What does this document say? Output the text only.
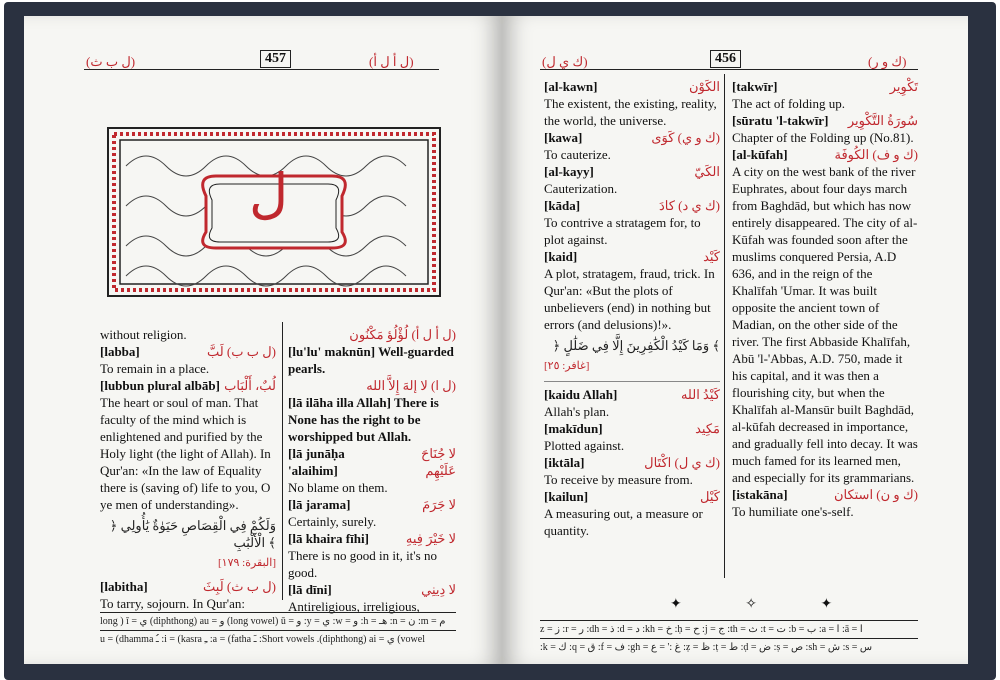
(ل ب ث)	457	(ل أ ل أ)
ل

without religion.

[labba]	(ل ب ب) لَبَّ

To remain in a place.

[lubbun plural albāb] لُبٌ، أَلْبَاب

The heart or soul of man. That faculty of the mind which is enlightened and purified by the Holy light (the light of Allah). In Qur'an: «In the law of Equality there is (saving of) life to you, O ye men of understanding».

﴿ وَلَكُمْ فِي الْقِصَاصِ حَيَوٰةٌ يَٰأُولِي الْأَلْبَٰبِ ﴾
[البقرة: ١٧٩]
[labitha]	(ل ب ث) لَبِثَ

To tarry, sojourn. In Qur'an:

(ل أ ل أ) لُؤْلُؤ مَكْنُون

[lu'lu' maknūn] Well-guarded pearls.

(ل ا) لا إلهَ إِلاَّ الله

[lā ilāha illa Allah] There is None has the right to be worshipped but Allah.

[lā junāḥa 'alaihim]
لا جُنَاحَ عَلَيْهِم

No blame on them.

[lā jarama]	لا جَرَمَ

Certainly, surely.

[lā khaira fīhi]	لا خَيْرَ فِيهِ

There is no good in it, it's no good.

[lā dīni]	لا دِينِي

Antireligious, irreligious,

long ) ī = ي (diphthong) au = و (long vowel) ū = و :y = ي :w = و :h = هـ :n = ن :m = م
u = (dhamma ـُ :i = (kasra ـِ :a = (fatha ـَ :Short vowels .(diphthong) ai = ي (vowel
(ك ي ل)	456	(ك و ر)
[al-kawn]	الكَوْن

The existent, the existing, reality, the world, the universe.

[kawa]	(ك و ي) كَوَى

To cauterize.

[al-kayy]	الكَيّ

Cauterization.

[kāda]	(ك ي د) كادَ

To contrive a stratagem for, to plot against.

[kaid]	كَيْد

A plot, stratagem, fraud, trick. In Qur'an: «But the plots of unbelievers (end) in nothing but errors (and delusions)!».

﴿ وَمَا كَيْدُ الْكَٰفِرِينَ إِلَّا فِي ضَلَٰلٍ ﴾
[غافر: ٢٥]
[kaidu Allah]	كَيْدُ الله

Allah's plan.

[makīdun]	مَكِيد

Plotted against.

[iktāla]	(ك ي ل) اكْتَال

To receive by measure from.

[kailun]	كَيْل

A measuring out, a measure or quantity.

[takwīr]	تَكْوِير

The act of folding up.

[sūratu 'l-takwīr] سُورَةُ التَّكْوِير

Chapter of the Folding up (No.81).

[al-kūfah]	(ك و ف) الكُوفَة

A city on the west bank of the river Euphrates, about four days march from Baghdād, but which has now entirely disappeared. The city of al-Kūfah was founded soon after the muslims conquered Persia, A.D 636, and in the reign of the Khalīfah 'Umar. It was built opposite the ancient town of Madian, on the other side of the river. The first Abbaside Khalīfah, Abū 'l-'Abbas, A.D. 750, made it his capital, and it was then a flourishing city, but when the Khalīfah al-Mansūr built Baghdād, al-kūfah decreased in importance, and gradually fell into decay. It was much famed for its learned men, and especially for its grammarians.

[istakāna]	(ك و ن) استكان

To humiliate one's-self.

✦ ✧ ✦
z = ز :r = ر :dh = ذ :d = د :kh = خ :ḥ = ح :j = ج :th = ث :t = ت :b = ب :a = ا :ā = آ
:k = ك :q = ق :f = ف :gh = غ :' = ع :ẓ = ظ :ṭ = ط :ḍ = ض :ṣ = ص :sh = ش :s = س
